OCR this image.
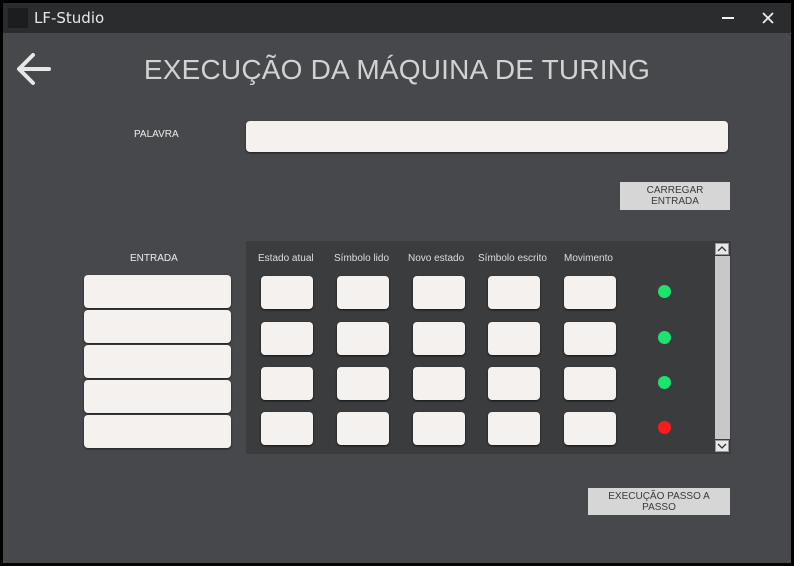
LF-Studio
EXECUÇÃO DA MÁQUINA DE TURING
PALAVRA
CARREGAR ENTRADA
ENTRADA	Estado atual Símbolo lido Novo estado Símbolo escrito Movimento
EXECUÇÃO PASSO A PASSO
